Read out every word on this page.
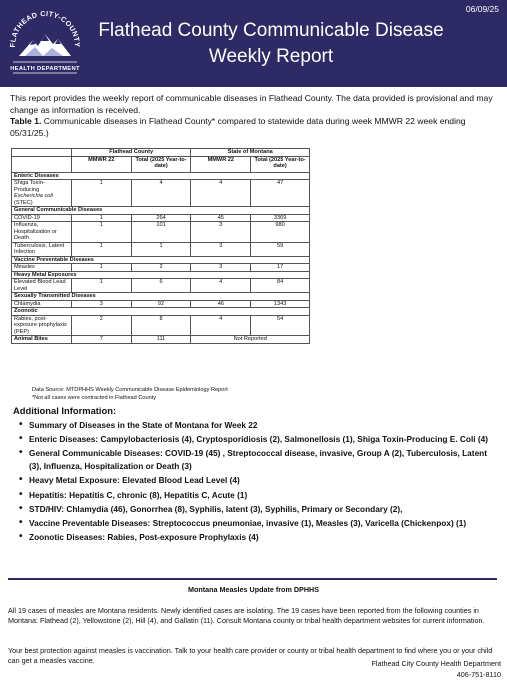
FLATHEAD CITY-COUNTY
HEALTH DEPARTMENT
Flathead County Communicable Disease
Weekly Report
06/09/25

This report provides the weekly report of communicable diseases in Flathead County. The data provided is provisional and may change as information is received.

Table 1. Communicable diseases in Flathead County* compared to statewide data during week MMWR 22 week ending 05/31/25.)

	Flathead County		State of Montana	
	MMWR 22	Total (2025 Year-to-date)	MMWR 22	Total (2025 Year-to-date)
Enteric Diseases				
Shiga Toxin-Producing Escherichia coli (STEC)	1	4	4	47
General Communicable Diseases				
COVID-19	1	264	45	3369
Influenza, Hospitalization or Death	1	101	3	980
Tuberculosis, Latent Infection	1	1	3	59
Vaccine Preventable Diseases				
Measles	1	2	3	17
Heavy Metal Exposures				
Elevated Blood Lead Level	1	6	4	84
Sexually Transmitted Diseases				
Chlamydia	3	92	46	1343
Zoonotic				
Rabies, post-exposure prophylaxis (PEP)	2	8	4	54
Animal Bites	7	111	Not Reported	
Data Source: MTDPHHS Weekly Communicable Disease Epidemiology Report
*Not all cases were contracted in Flathead County
Additional Information:
• Summary of Diseases in the State of Montana for Week 22
• Enteric Diseases: Campylobacteriosis (4), Cryptosporidiosis (2), Salmonellosis (1), Shiga Toxin-Producing E. Coli (4)
• General Communicable Diseases: COVID-19 (45) , Streptococcal disease, invasive, Group A (2), Tuberculosis, Latent (3), Influenza, Hospitalization or Death (3)
• Heavy Metal Exposure: Elevated Blood Lead Level (4)
• Hepatitis: Hepatitis C, chronic (8), Hepatitis C, Acute (1)
• STD/HIV: Chlamydia (46), Gonorrhea (8), Syphilis, latent (3), Syphilis, Primary or Secondary (2),
• Vaccine Preventable Diseases: Streptococcus pneumoniae, invasive (1), Measles (3), Varicella (Chickenpox) (1)
• Zoonotic Diseases: Rabies, Post-exposure Prophylaxis (4)
Montana Measles Update from DPHHS

All 19 cases of measles are Montana residents. Newly identified cases are isolating. The 19 cases have been reported from the following counties in Montana: Flathead (2), Yellowstone (2), Hill (4), and Gallatin (11). Consult Montana county or tribal health department websites for current information.

Your best protection against measles is vaccination. Talk to your health care provider or county or tribal health department to find where you or your child can get a measles vaccine.	Flathead City County Health Department
406-751-8110
